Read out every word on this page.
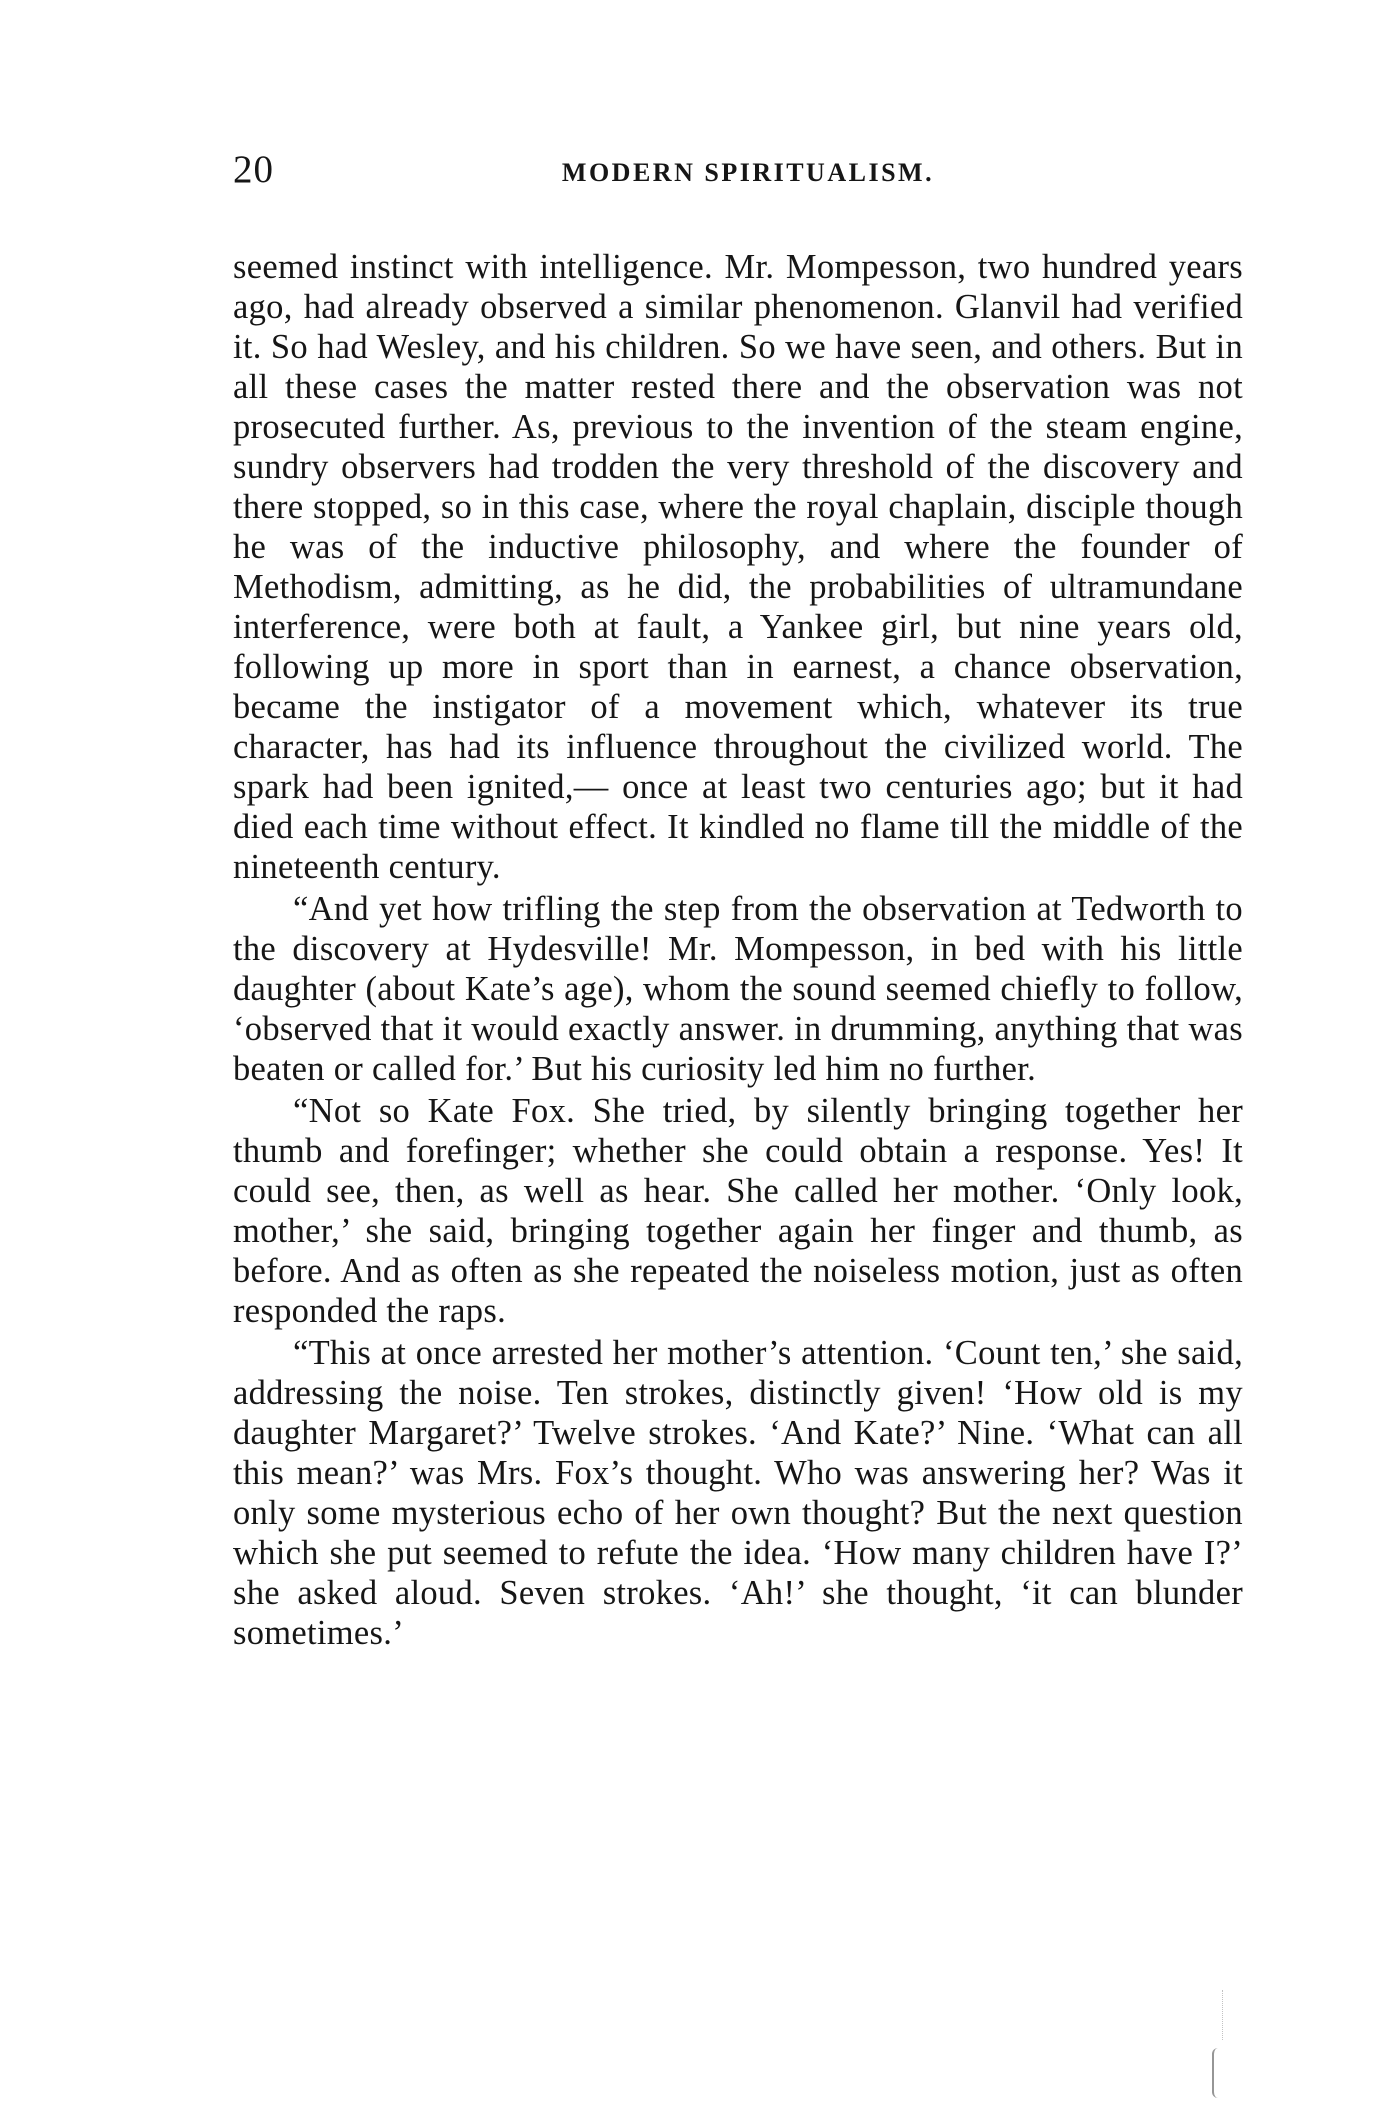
20	MODERN SPIRITUALISM.

seemed instinct with intelligence. Mr. Mompesson, two hundred years ago, had already observed a similar phenomenon. Glanvil had verified it. So had Wesley, and his children. So we have seen, and others. But in all these cases the matter rested there and the observation was not prosecuted further. As, previous to the invention of the steam engine, sundry observers had trodden the very threshold of the discovery and there stopped, so in this case, where the royal chaplain, disciple though he was of the inductive philosophy, and where the founder of Methodism, admitting, as he did, the probabilities of ultramundane interference, were both at fault, a Yankee girl, but nine years old, following up more in sport than in earnest, a chance observation, became the instigator of a movement which, whatever its true character, has had its influence throughout the civilized world. The spark had been ignited,— once at least two centuries ago; but it had died each time without effect. It kindled no flame till the middle of the nineteenth century.

“And yet how trifling the step from the observation at Tedworth to the discovery at Hydesville! Mr. Mompesson, in bed with his little daughter (about Kate’s age), whom the sound seemed chiefly to follow, ‘observed that it would exactly answer. in drumming, anything that was beaten or called for.’ But his curiosity led him no further.

“Not so Kate Fox. She tried, by silently bringing together her thumb and forefinger; whether she could obtain a response. Yes! It could see, then, as well as hear. She called her mother. ‘Only look, mother,’ she said, bringing together again her finger and thumb, as before. And as often as she repeated the noiseless motion, just as often responded the raps.

“This at once arrested her mother’s attention. ‘Count ten,’ she said, addressing the noise. Ten strokes, distinctly given! ‘How old is my daughter Margaret?’ Twelve strokes. ‘And Kate?’ Nine. ‘What can all this mean?’ was Mrs. Fox’s thought. Who was answering her? Was it only some mysterious echo of her own thought? But the next question which she put seemed to refute the idea. ‘How many children have I?’ she asked aloud. Seven strokes. ‘Ah!’ she thought, ‘it can blunder sometimes.’
